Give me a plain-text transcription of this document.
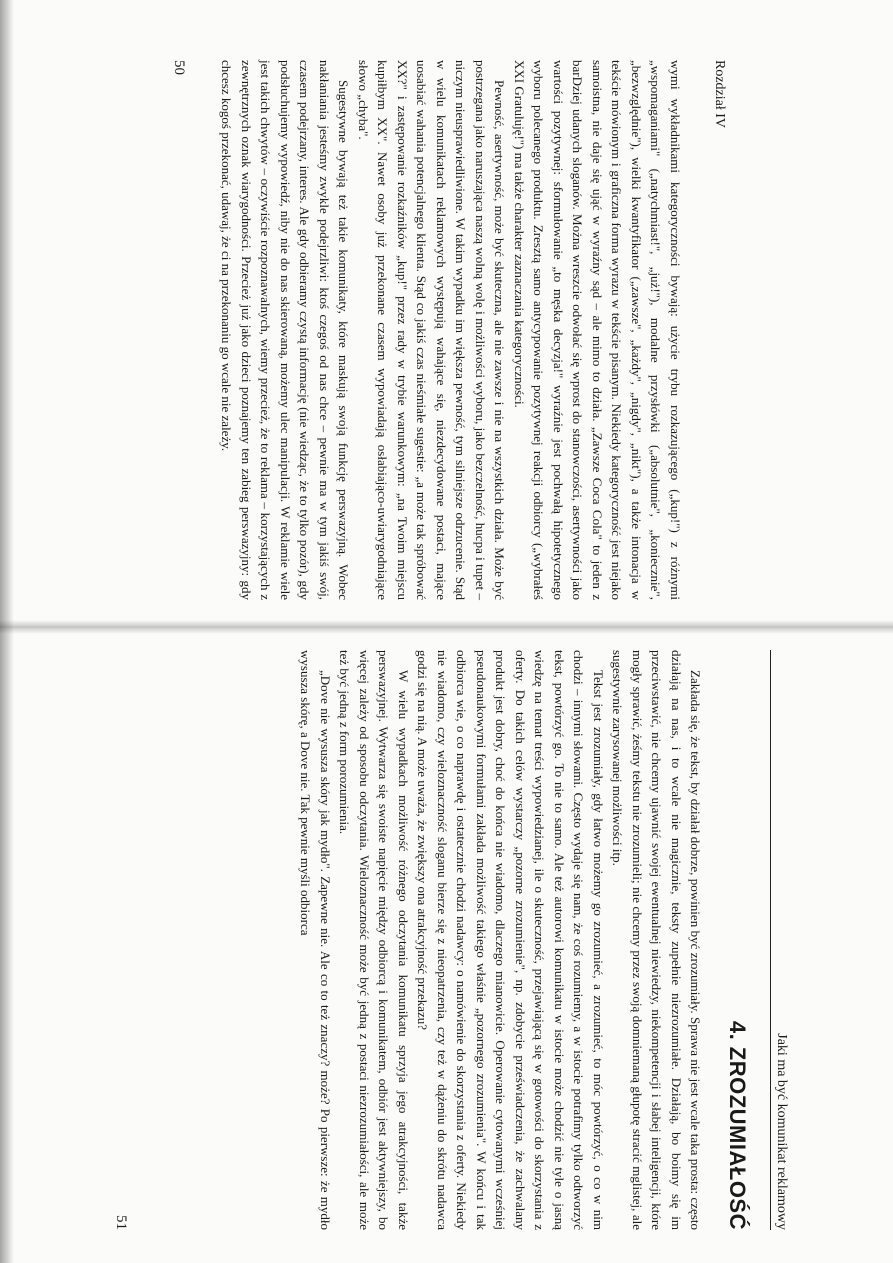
Rozdział IV

wymi wykładnikami kategoryczności bywają: użycie trybu rozkazującego („kup!") z różnymi „wspomaganiami" („natychmiast!", „już!"), modalne przysłówki („absolutnie", „koniecznie", „bezwzględnie"), wielki kwantyfikator („zawsze", „każdy", „nigdy", „nikt"), a także intonacja w tekście mówionym i graficzna forma wyrazu w tekście pisanym. Niekiedy kategoryczność jest niejako samoistna, nie daje się ująć w wyraźny sąd – ale mimo to działa. „Zawsze Coca Cola" to jeden z barDziej udanych sloganów. Można wreszcie odwołać się wprost do stanowczości, asertywności jako wartości pozytywnej: sformułowanie „to męska decyzja!" wyraźnie jest pochwałą hipotetycznego wyboru polecanego produktu. Zresztą samo antycypowanie pozytywnej reakcji odbiorcy („wybrałeś XXI Gratuluję!") ma także charakter zaznaczania kategoryczności.

Pewność, asertywność, może być skuteczna, ale nie zawsze i nie na wszystkich działa. Może być postrzegana jako naruszająca naszą wolną wolę i możliwości wyboru, jako bezczelność, hucpa i tupet – niczym nieusprawiedliwione. W takim wypadku im większa pewność, tym silniejsze odrzucenie. Stąd w wielu komunikatach reklamowych występują wahające się, niezdecydowane postaci, mające uosabiać wahania potencjalnego klienta. Stąd co jakiś czas nieśmiałe sugestie: „a może tak spróbować XX?" i zastępowanie rozkaźników „kup!" przez rady w trybie warunkowym: „na Twoim miejscu kupiłbym XX". Nawet osoby już przekonane czasem wypowiadają osłabiająco-uwiarygodniające słowo „chyba".

Sugestywne bywają też takie komunikaty, które maskują swoją funkcję perswazyjną. Wobec nakłaniania jesteśmy zwykle podejrzliwi: ktoś czegoś od nas chce – pewnie ma w tym jakiś swój, czasem podejrzany, interes. Ale gdy odbieramy czystą informację (nie wiedząc, że to tylko pozór), gdy podsłuchujemy wypowiedź, niby nie do nas skierowaną, możemy ulec manipulacji. W reklamie wiele jest takich chwytów – oczywiście rozpoznawalnych, wiemy przecież, że to reklama – korzystających z zewnętrznych oznak wiarygodności. Przecież już jako dzieci poznajemy ten zabieg perswazyjny: gdy chcesz kogoś przekonać, udawaj, że ci na przekonaniu go wcale nie zależy.

50
Jaki ma być komunikat reklamowy
4. ZROZUMIAŁOŚĆ

Zakłada się, że tekst, by działał dobrze, powinien być zrozumiały. Sprawa nie jest wcale taka prosta: często działają na nas, i to wcale nie magicznie, teksty zupełnie niezrozumiałe. Działają, bo boimy się im przeciwstawić, nie chcemy ujawnić swojej ewentualnej niewiedzy, niekompetencji i słabej inteligencji, które mogły sprawić, żeśmy tekstu nie zrozumieli; nie chcemy przez swoją domniemaną głupotę stracić mglistej, ale sugestywnie zarysowanej możliwości itp.

Tekst jest zrozumiały, gdy łatwo możemy go zrozumieć, a zrozumieć, to móc powtórzyć, o co w nim chodzi – innymi słowami. Często wydaje się nam, że coś rozumiemy, a w istocie potrafimy tylko odtworzyć tekst, powtórzyć go. To nie to samo. Ale też autorowi komunikatu w istocie może chodzić nie tyle o jasną wiedzę na temat treści wypowiedzianej, ile o skuteczność, przejawiającą się w gotowości do skorzystania z oferty. Do takich celów wystarczy „pozorne zrozumienie", np. zdobycie przeświadczenia, że zachwalany produkt jest dobry, choć do końca nie wiadomo, dlaczego mianowicie. Operowanie cytowanymi wcześniej pseudonaukowymi formułami zakłada możliwość takiego właśnie „pozornego zrozumienia". W końcu i tak odbiorca wie, o co naprawdę i ostatecznie chodzi nadawcy: o namówienie do skorzystania z oferty. Niekiedy nie wiadomo, czy wieloznaczność sloganu bierze się z nieopatrzenia, czy też w dążeniu do skrótu nadawca godzi się na nią. A może uważa, że zwiększy ona atrakcyjność przekazu?

W wielu wypadkach możliwość różnego odczytania komunikatu sprzyja jego atrakcyjności, także perswazyjnej. Wytwarza się swoiste napięcie między odbiorcą i komunikatem, odbiór jest aktywniejszy, bo więcej zależy od sposobu odczytania. Wieloznaczność może być jedną z postaci niezrozumiałości, ale może też być jedną z form porozumienia.

„Dove nie wysusza skóry jak mydło". Zapewne nie. Ale co to też znaczy? może? Po pierwsze: że mydło wysusza skórę, a Dove nie. Tak pewnie myśli odbiorca

51
